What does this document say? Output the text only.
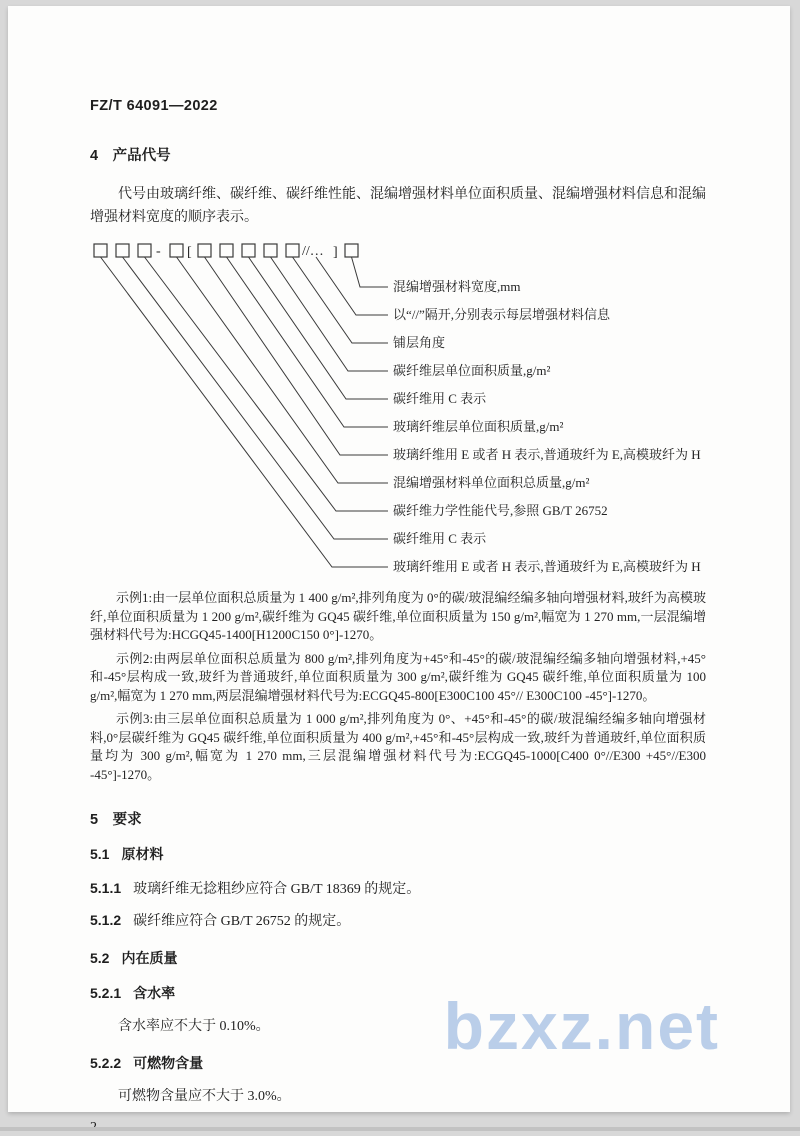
FZ/T 64091—2022
4　产品代号

代号由玻璃纤维、碳纤维、碳纤维性能、混编增强材料单位面积质量、混编增强材料信息和混编增强材料宽度的顺序表示。

- [	//… ]
混编增强材料宽度,mm
以“//”隔开,分别表示每层增强材料信息
铺层角度
碳纤维层单位面积质量,g/m²
碳纤维用 C 表示
玻璃纤维层单位面积质量,g/m²
玻璃纤维用 E 或者 H 表示,普通玻纤为 E,高模玻纤为 H
混编增强材料单位面积总质量,g/m²
碳纤维力学性能代号,参照 GB/T 26752
碳纤维用 C 表示
玻璃纤维用 E 或者 H 表示,普通玻纤为 E,高模玻纤为 H

示例1:由一层单位面积总质量为 1 400 g/m²,排列角度为 0°的碳/玻混编经编多轴向增强材料,玻纤为高模玻纤,单位面积质量为 1 200 g/m²,碳纤维为 GQ45 碳纤维,单位面积质量为 150 g/m²,幅宽为 1 270 mm,一层混编增强材料代号为:HCGQ45-1400[H1200C150 0°]-1270。

示例2:由两层单位面积总质量为 800 g/m²,排列角度为+45°和-45°的碳/玻混编经编多轴向增强材料,+45°和-45°层构成一致,玻纤为普通玻纤,单位面积质量为 300 g/m²,碳纤维为 GQ45 碳纤维,单位面积质量为 100 g/m²,幅宽为 1 270 mm,两层混编增强材料代号为:ECGQ45-800[E300C100 45°// E300C100 -45°]-1270。

示例3:由三层单位面积总质量为 1 000 g/m²,排列角度为 0°、+45°和-45°的碳/玻混编经编多轴向增强材料,0°层碳纤维为 GQ45 碳纤维,单位面积质量为 400 g/m²,+45°和-45°层构成一致,玻纤为普通玻纤,单位面积质量均为 300 g/m²,幅宽为 1 270 mm,三层混编增强材料代号为:ECGQ45-1000[C400 0°//E300 +45°//E300 -45°]-1270。

5　要求
5.1 原材料

5.1.1 玻璃纤维无捻粗纱应符合 GB/T 18369 的规定。

5.1.2 碳纤维应符合 GB/T 26752 的规定。

5.2 内在质量
5.2.1 含水率

含水率应不大于 0.10%。

5.2.2 可燃物含量

可燃物含量应不大于 3.0%。

bzxz.net
